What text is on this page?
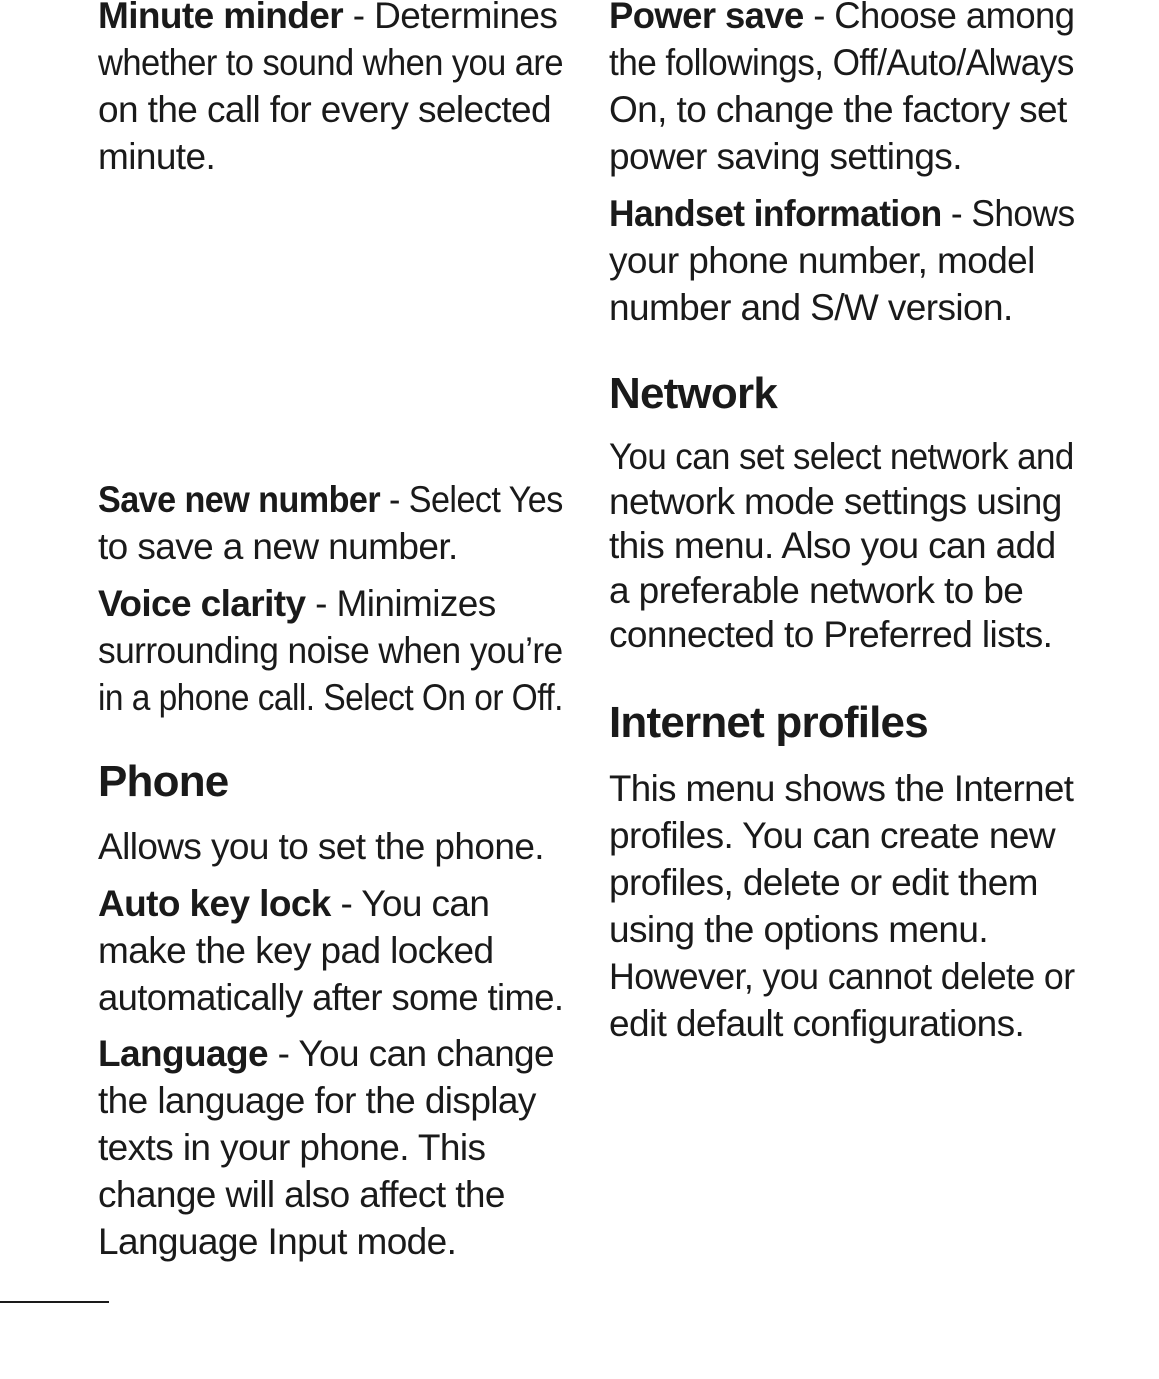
Minute minder - Determines
whether to sound when you are
on the call for every selected
minute.

Save new number - Select Yes
to save a new number.

Voice clarity - Minimizes
surrounding noise when you’re
in a phone call. Select On or Off.

Phone

Allows you to set the phone.

Auto key lock - You can
make the key pad locked
automatically after some time.

Language - You can change
the language for the display
texts in your phone. This
change will also affect the
Language Input mode.

Power save - Choose among
the followings, Off/Auto/Always
On, to change the factory set
power saving settings.

Handset information - Shows
your phone number, model
number and S/W version.

Network

You can set select network and
network mode settings using
this menu. Also you can add
a preferable network to be
connected to Preferred lists.

Internet profiles

This menu shows the Internet
profiles. You can create new
profiles, delete or edit them
using the options menu.
However, you cannot delete or
edit default configurations.
